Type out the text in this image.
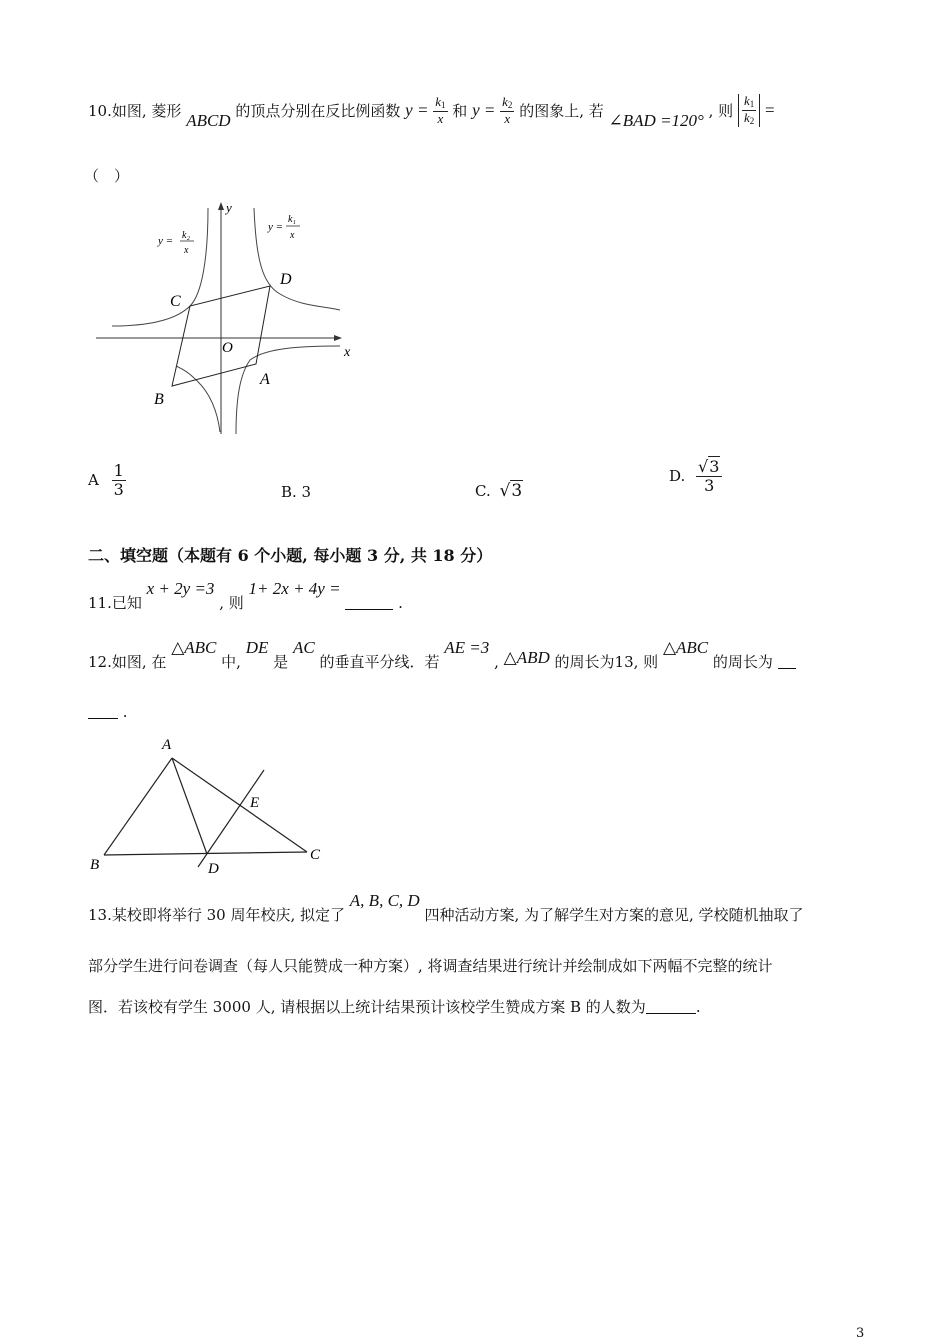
10.如图, 菱形 ABCD 的顶点分别在反比例函数 $y = \frac{k_1}{x}$ 和 $y = \frac{k_2}{x}$ 的图象上, 若 ∠BAD =120° , 则 $\frac{k_1}{k_2}$ =
（　）
y
x
O
A
B
C
D
y = k₂
x
y =
k₁
x
A $\frac{1}{3}$	B. 3	C. √3
D. $\frac{√3}{3}$
二、填空题（本题有 6 个小题, 每小题 3 分, 共 18 分）
11.已知 x + 2y =3 , 则 1+ 2x + 4y =  .
12.如图, 在 △ABC 中, DE 是 AC 的垂直平分线．若 AE =3 , △ABD 的周长为13, 则 △ABC 的周长为
.
A
B
C
D
E
13.某校即将举行 30 周年校庆, 拟定了 A, B, C, D 四种活动方案, 为了解学生对方案的意见, 学校随机抽取了
部分学生进行问卷调查（每人只能赞成一种方案）, 将调查结果进行统计并绘制成如下两幅不完整的统计
图．若该校有学生 3000 人, 请根据以上统计结果预计该校学生赞成方案 B 的人数为	.
3
